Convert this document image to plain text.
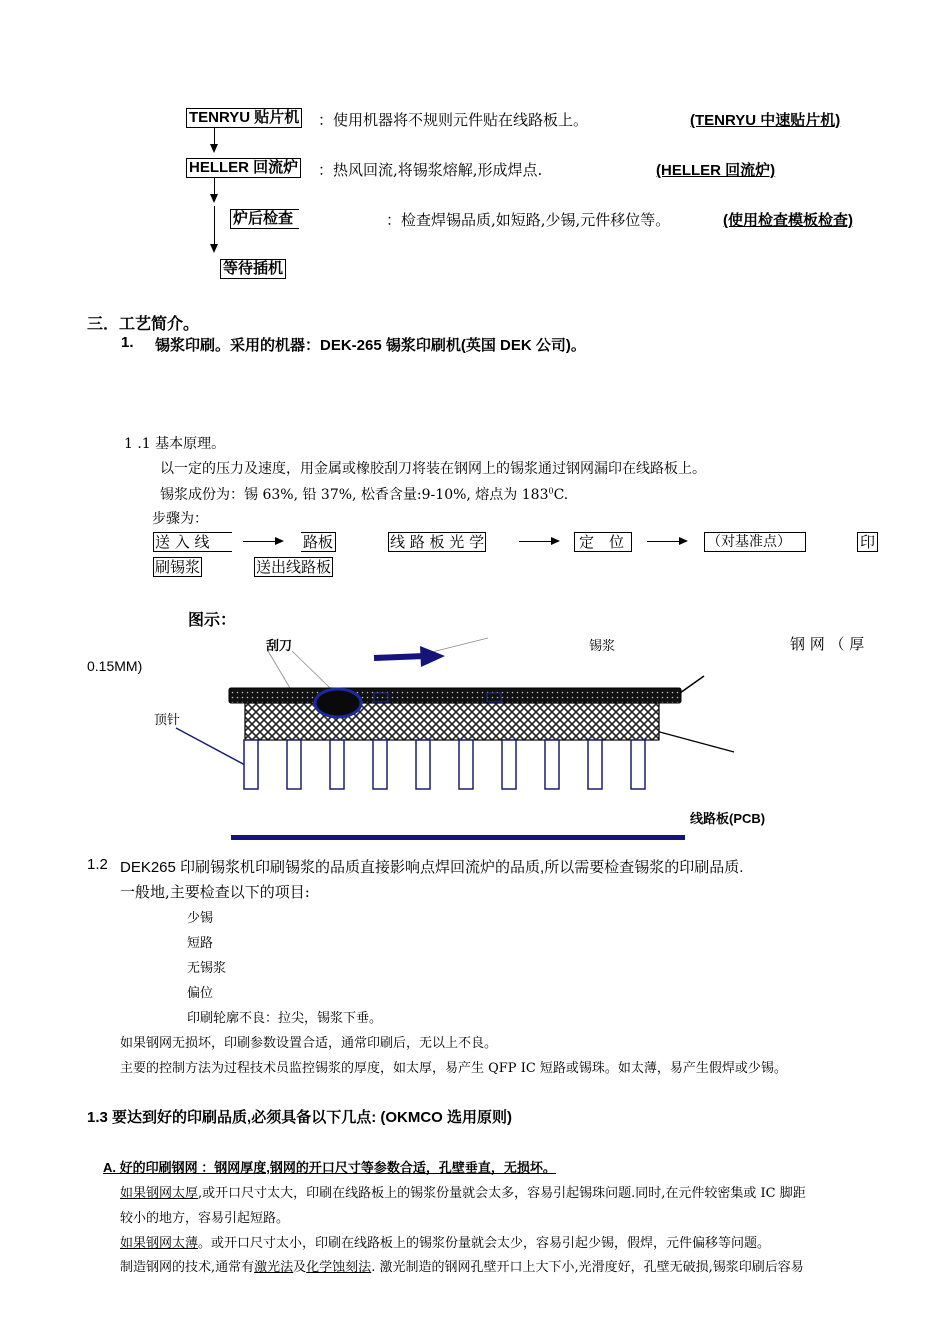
TENRYU 贴片机 ：使用机器将不规则元件贴在线路板上。	(TENRYU 中速贴片机)
HELLER 回流炉 ：热风回流,将锡浆熔解,形成焊点.	(HELLER 回流炉)
炉后检查	：检查焊锡品质,如短路,少锡,元件移位等。	(使用检查模板检查)
等待插机
三．工艺简介。
1. 锡浆印刷。采用的机器：DEK-265 锡浆印刷机(英国 DEK 公司)。
1 .1 基本原理。
以一定的压力及速度，用金属或橡胶刮刀将装在钢网上的锡浆通过钢网漏印在线路板上。
锡浆成份为：锡 63%, 铅 37%, 松香含量:9-10%, 熔点为 $183^0C$.
步骤为：
送 入 线	路板	线 路 板 光 学	定　位	（对基准点）	印
刷锡浆	送出线路板
图示：
刮刀	锡浆	钢 网 （ 厚
0.15MM)
顶针
线路板(PCB)
1.2 DEK265 印刷锡浆机印刷锡浆的品质直接影响点焊回流炉的品质,所以需要检查锡浆的印刷品质.
一般地,主要检查以下的项目:
少锡
短路
无锡浆
偏位
印刷轮廓不良：拉尖，锡浆下垂。
如果钢网无损坏，印刷参数设置合适，通常印刷后，无以上不良。
主要的控制方法为过程技术员监控锡浆的厚度，如太厚，易产生 QFP IC 短路或锡珠。如太薄，易产生假焊或少锡。
1.3 要达到好的印刷品质,必须具备以下几点: (OKMCO 选用原则)
A. 好的印刷钢网 ：钢网厚度,钢网的开口尺寸等参数合适，孔壁垂直，无损坏。
如果钢网太厚,或开口尺寸太大，印刷在线路板上的锡浆份量就会太多，容易引起锡珠问题.同时,在元件较密集或 IC 脚距
较小的地方，容易引起短路。
如果钢网太薄。或开口尺寸太小，印刷在线路板上的锡浆份量就会太少，容易引起少锡，假焊，元件偏移等问题。
制造钢网的技术,通常有激光法及化学蚀刻法. 激光制造的钢网孔壁开口上大下小,光滑度好，孔壁无破损,锡浆印刷后容易
